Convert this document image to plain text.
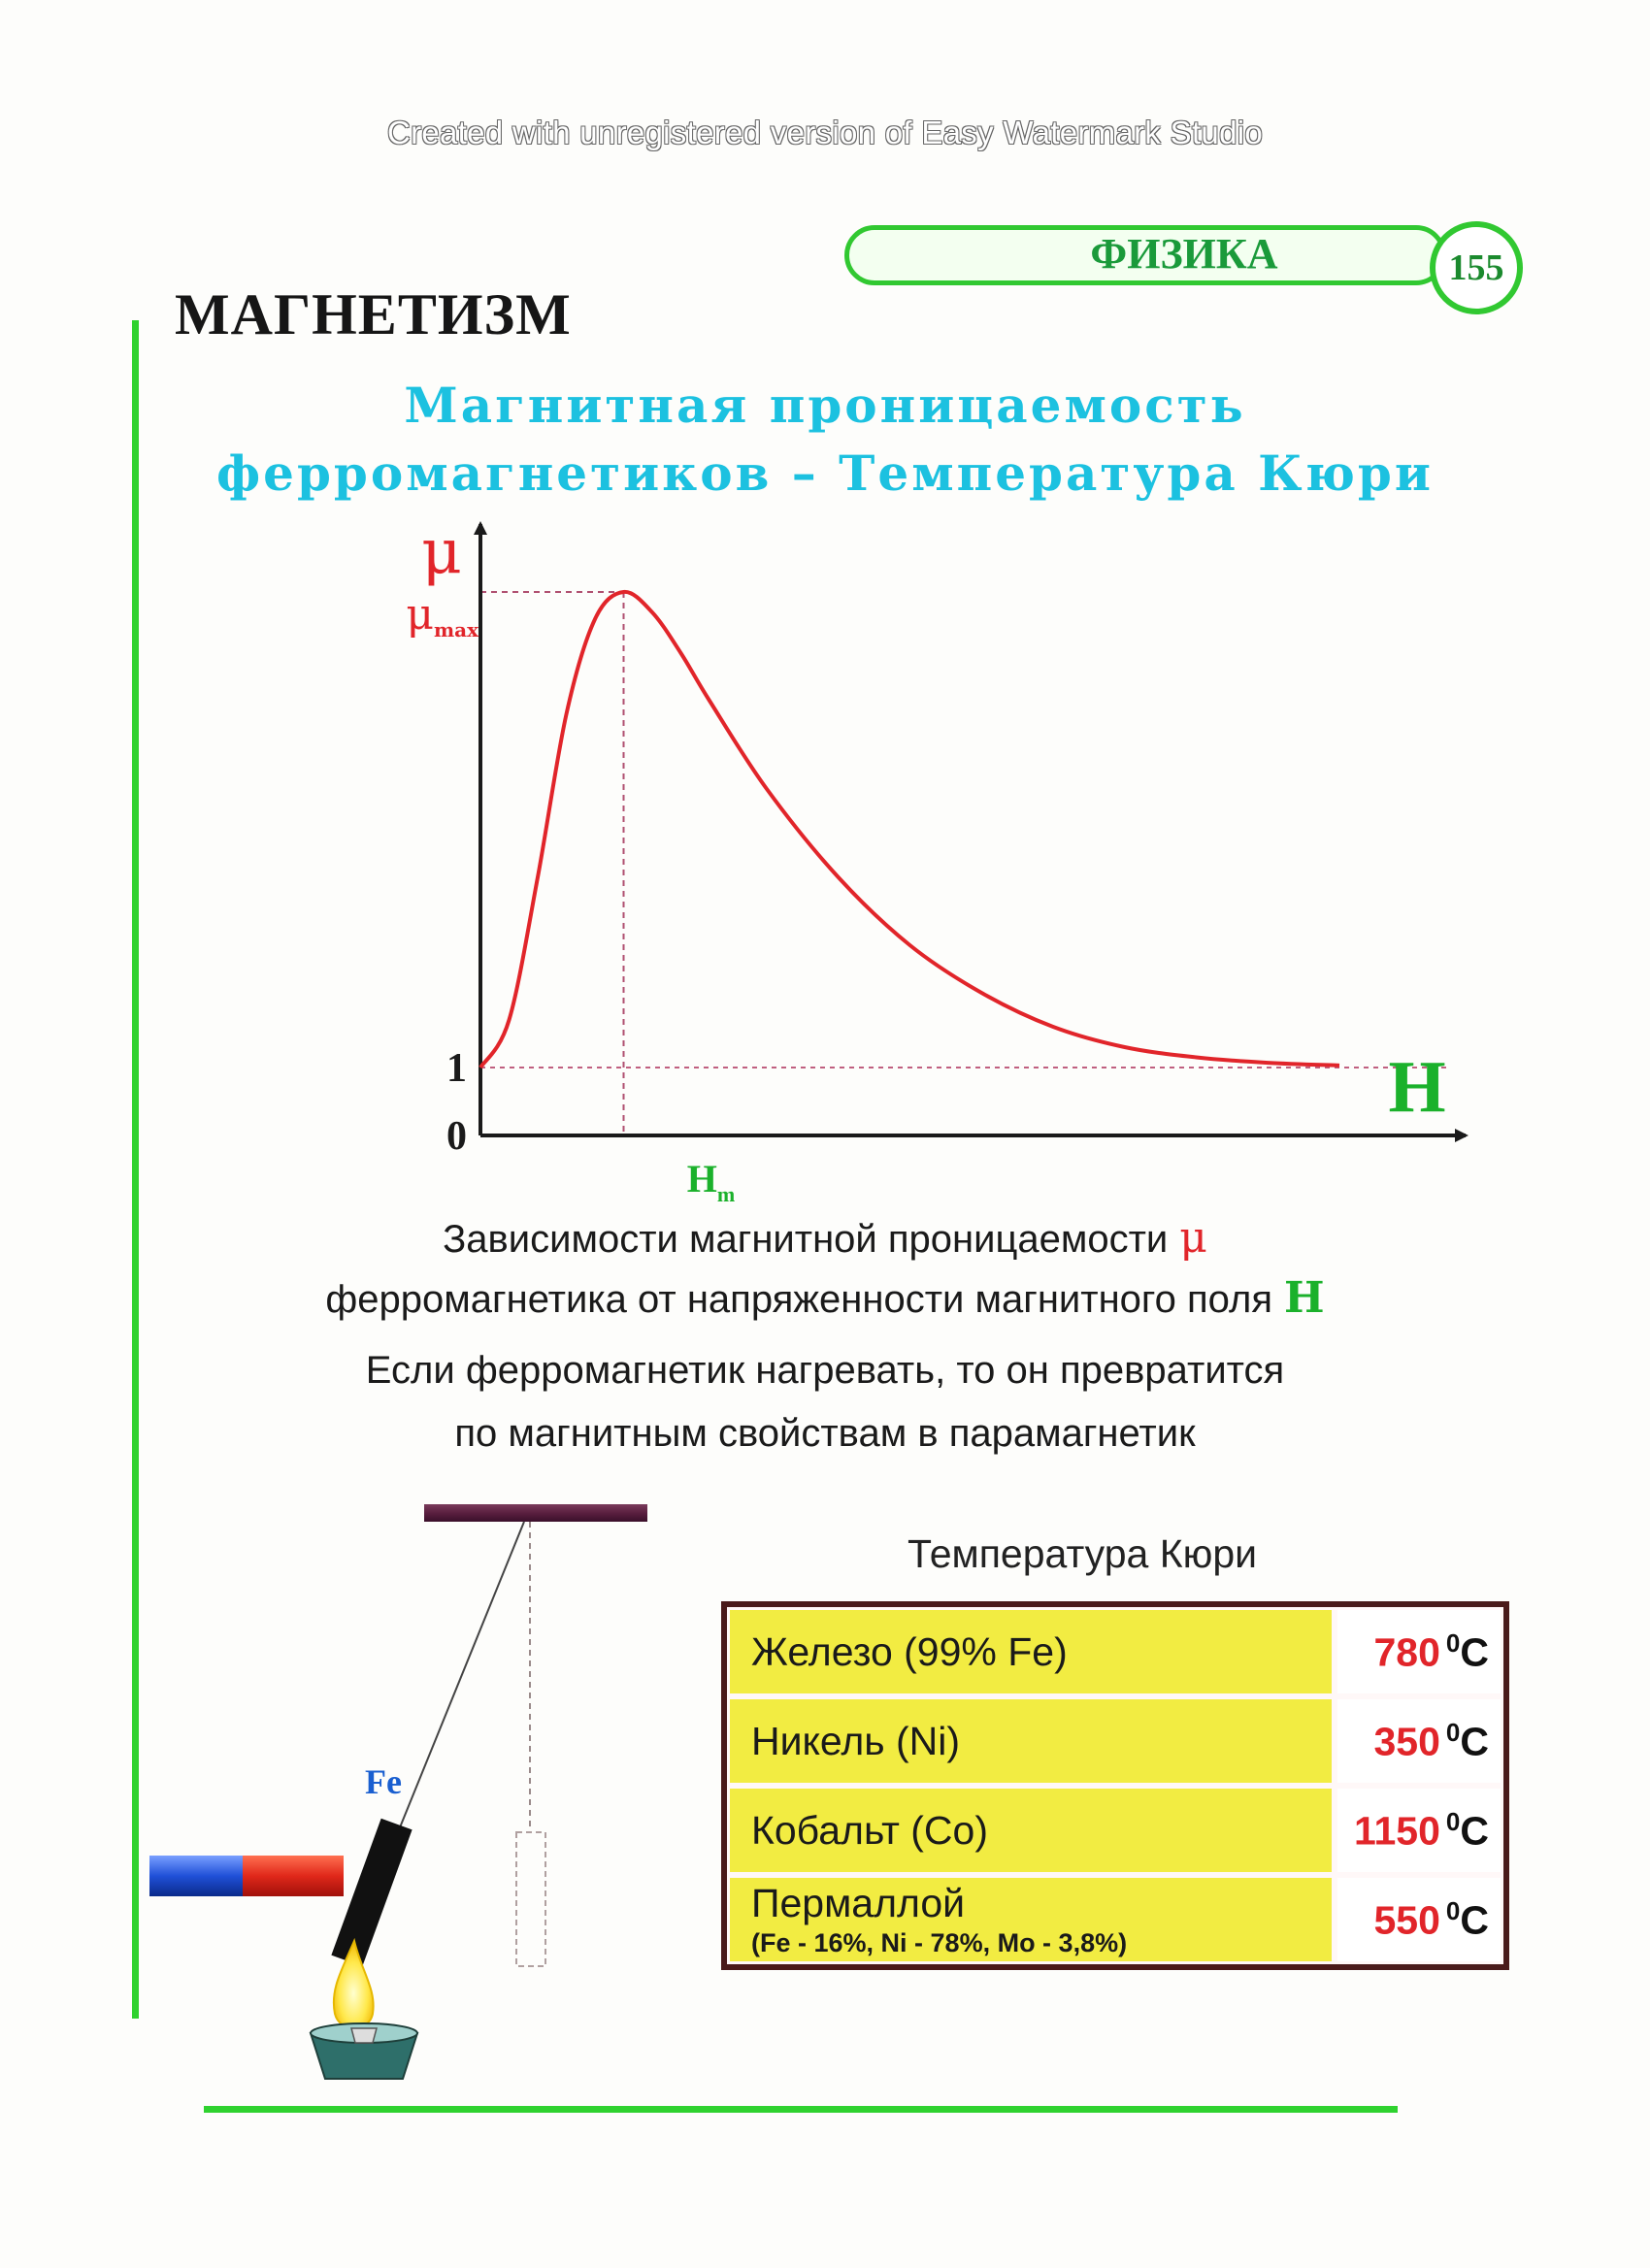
Created with unregistered version of Easy Watermark Studio
ФИЗИКА	155
МАГНЕТИЗМ
Магнитная проницаемость
ферромагнетиков – Температура Кюри
μ
H
μmax
1
0
Hm
Зависимости магнитной проницаемости μ
ферромагнетика от напряженности магнитного поля H
Если ферромагнетик нагревать, то он превратится
по магнитным свойствам в парамагнетик
Fe
Температура Кюри
Железо (99% Fe)	780 $^0$C
Никель (Ni)	350 $^0$C
Кобальт (Co)	1150 $^0$C
Пермаллой
(Fe - 16%, Ni - 78%, Mo - 3,8%)	550 $^0$C
